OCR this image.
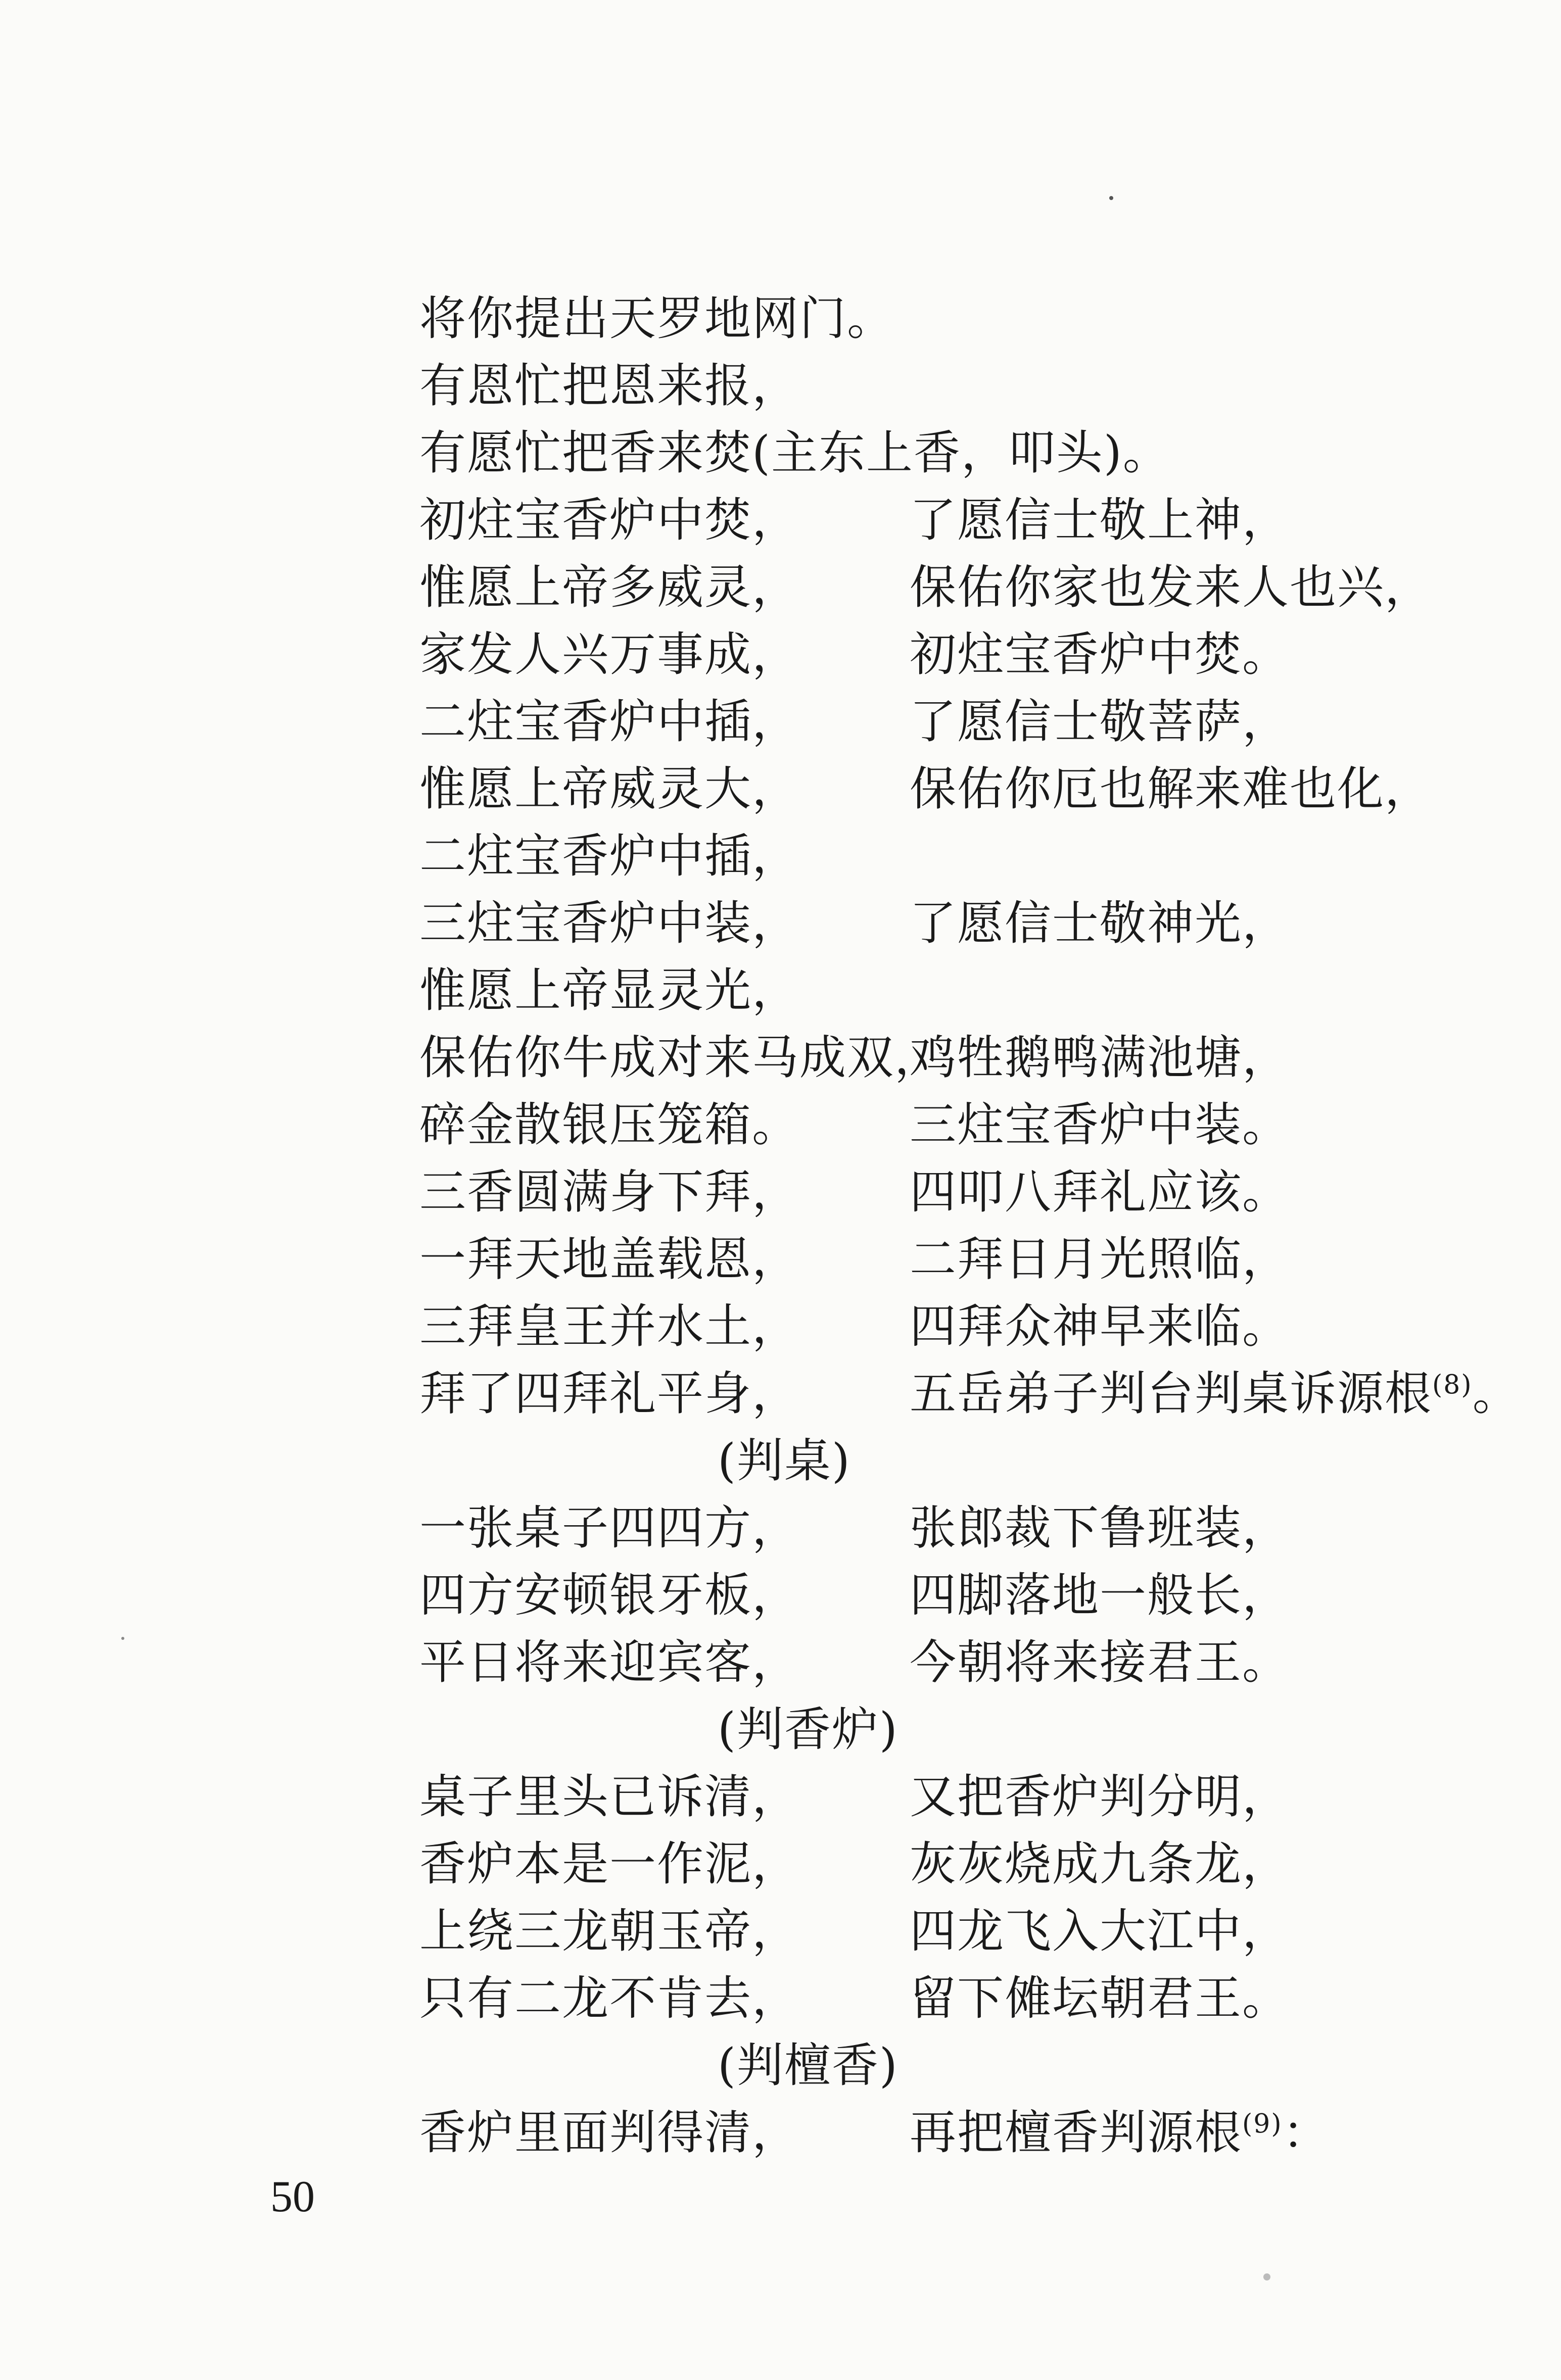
将你提出天罗地网门。
有恩忙把恩来报，
有愿忙把香来焚(主东上香，叩头)。
初炷宝香炉中焚， 了愿信士敬上神，
惟愿上帝多威灵， 保佑你家也发来人也兴，
家发人兴万事成， 初炷宝香炉中焚。
二炷宝香炉中插， 了愿信士敬菩萨，
惟愿上帝威灵大， 保佑你厄也解来难也化，
二炷宝香炉中插，
三炷宝香炉中装， 了愿信士敬神光，
惟愿上帝显灵光，
保佑你牛成对来马成双，
鸡牲鹅鸭满池塘，
碎金散银压笼箱。 三炷宝香炉中装。
三香圆满身下拜， 四叩八拜礼应该。
一拜天地盖载恩， 二拜日月光照临，
三拜皇王并水土， 四拜众神早来临。
拜了四拜礼平身， 五岳弟子判台判桌诉源根$^{(8)}$。
(判桌)
一张桌子四四方， 张郎裁下鲁班装，
四方安顿银牙板， 四脚落地一般长，
平日将来迎宾客， 今朝将来接君王。
(判香炉)
桌子里头已诉清， 又把香炉判分明，
香炉本是一作泥， 灰灰烧成九条龙，
上绕三龙朝玉帝， 四龙飞入大江中，
只有二龙不肯去， 留下傩坛朝君王。
(判檀香)
香炉里面判得清， 再把檀香判源根$^{(9)}$：
50
